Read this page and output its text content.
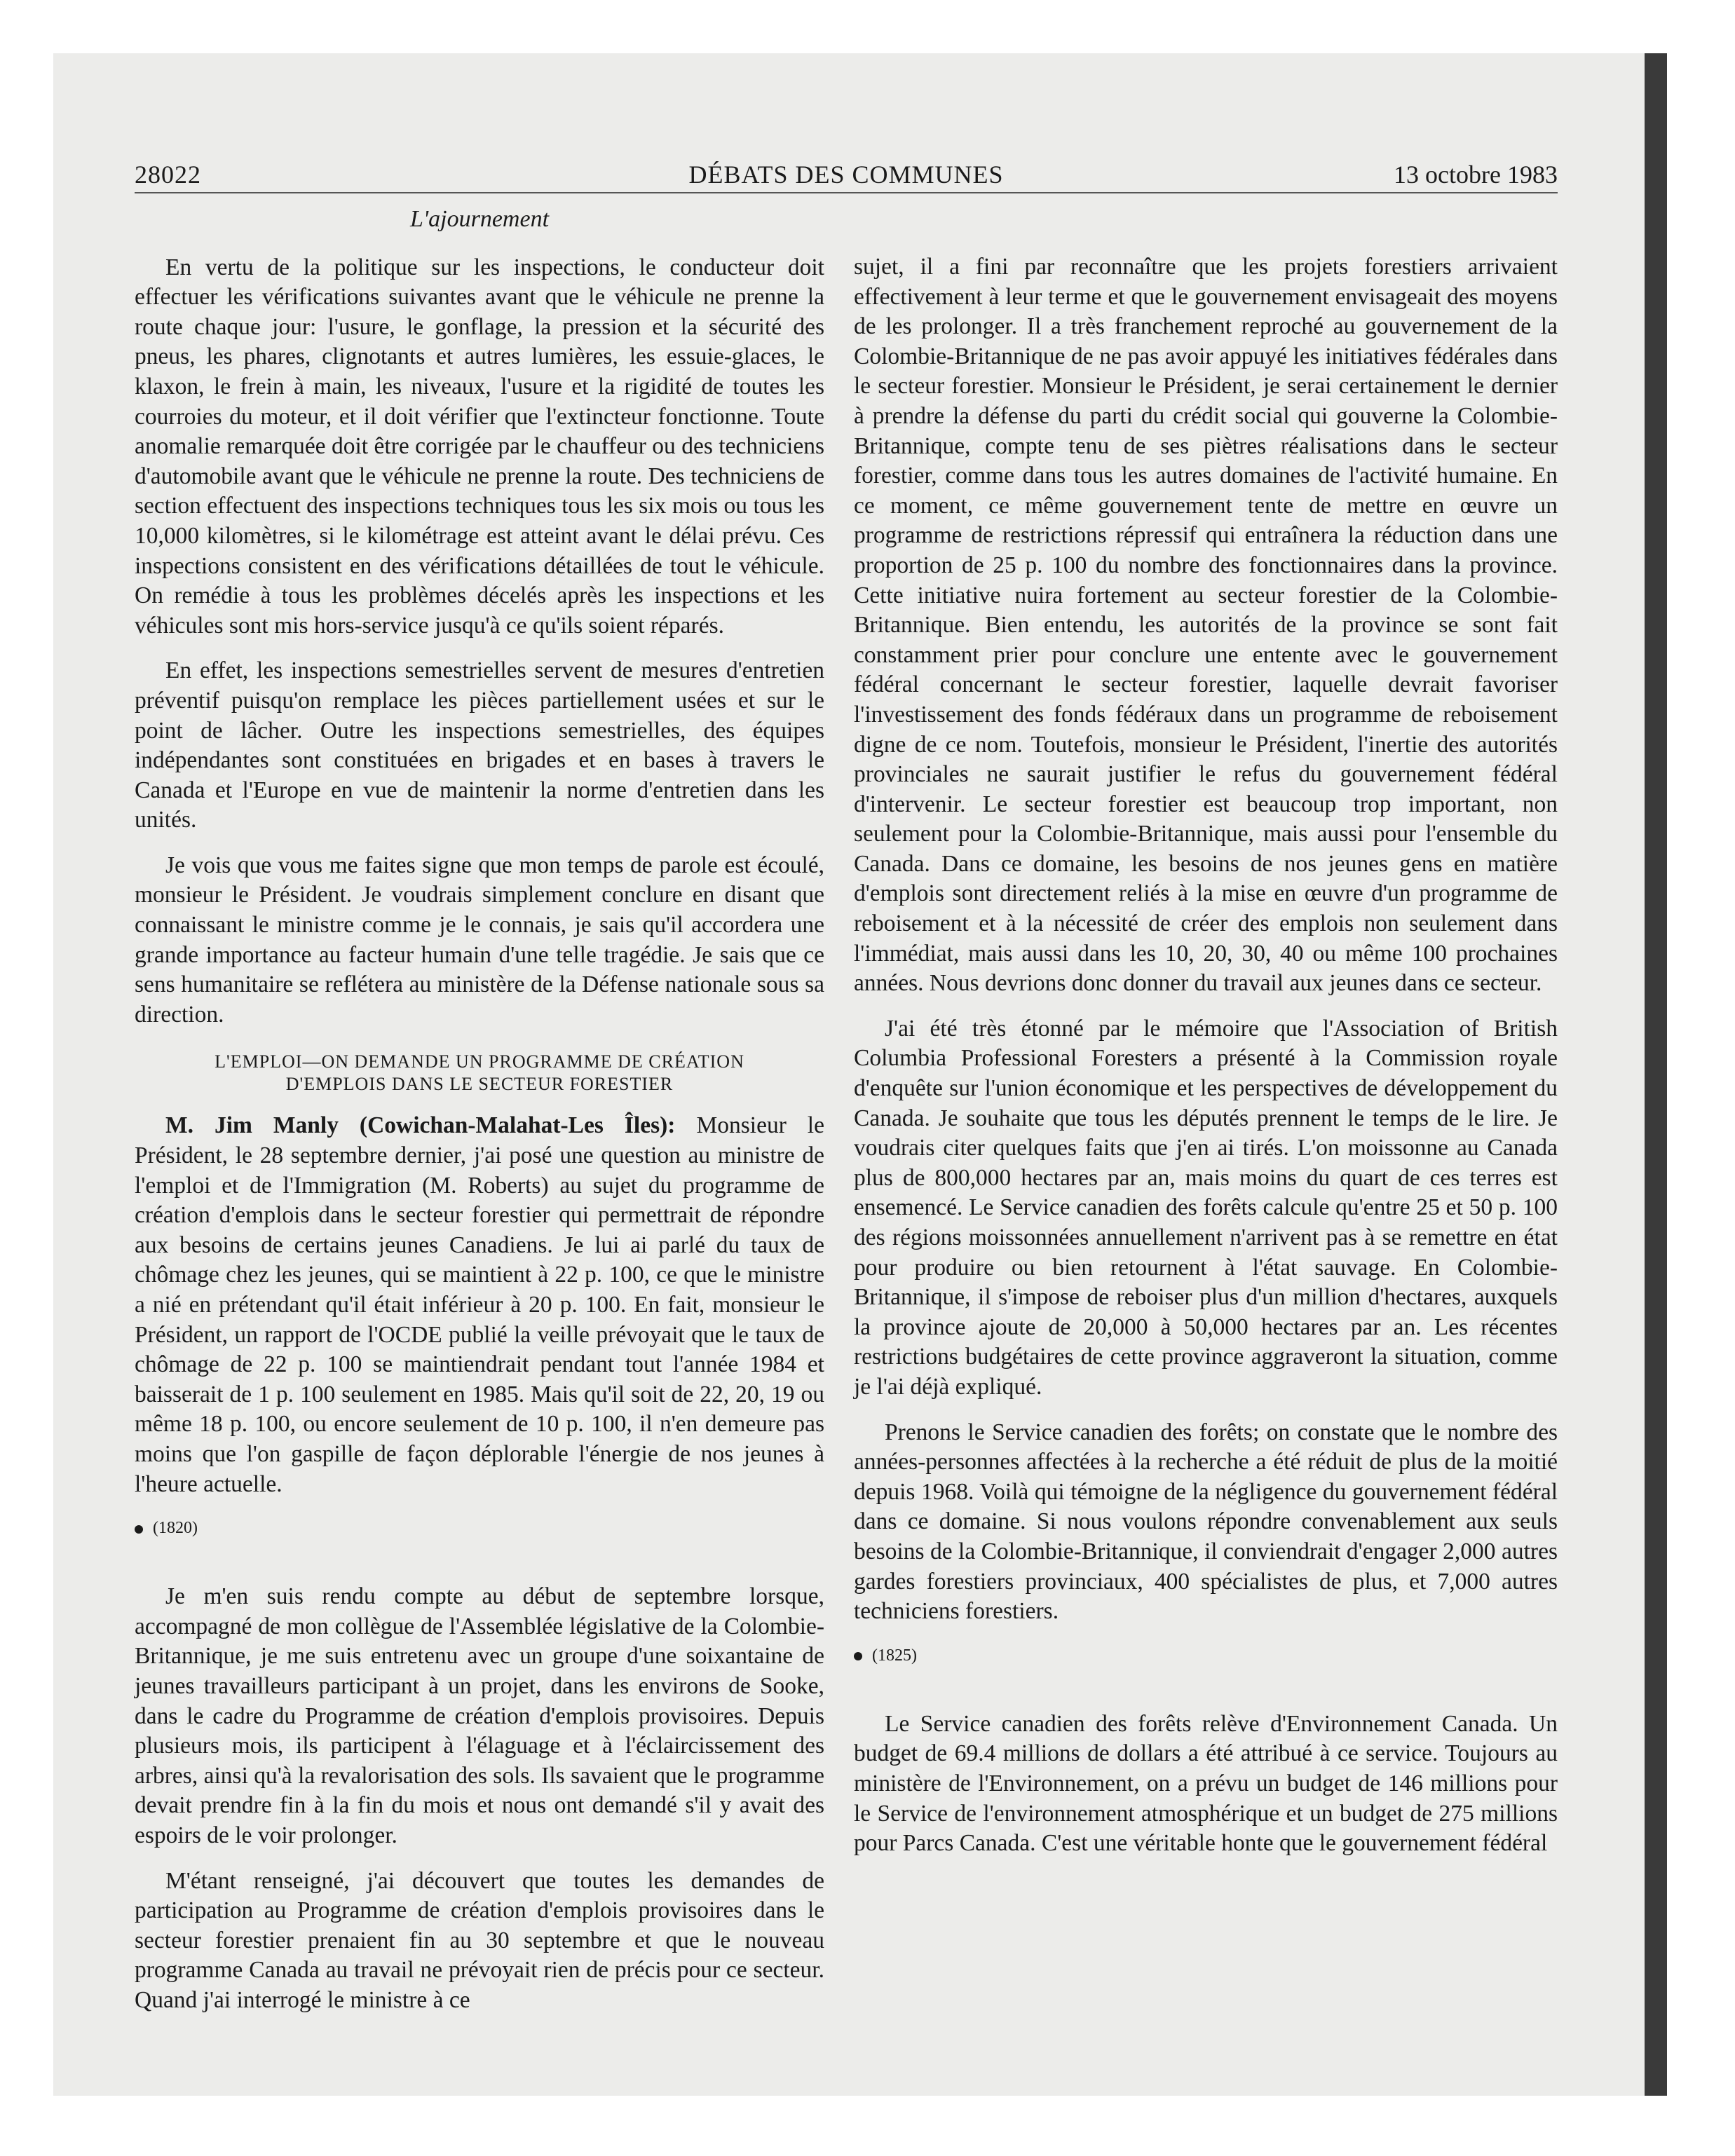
28022	DÉBATS DES COMMUNES	13 octobre 1983

L'ajournement

En vertu de la politique sur les inspections, le conducteur doit effectuer les vérifications suivantes avant que le véhicule ne prenne la route chaque jour: l'usure, le gonflage, la pression et la sécurité des pneus, les phares, clignotants et autres lumières, les essuie-glaces, le klaxon, le frein à main, les niveaux, l'usure et la rigidité de toutes les courroies du moteur, et il doit vérifier que l'extincteur fonctionne. Toute anomalie remarquée doit être corrigée par le chauffeur ou des techniciens d'automobile avant que le véhicule ne prenne la route. Des techniciens de section effectuent des inspections techniques tous les six mois ou tous les 10,000 kilomètres, si le kilométrage est atteint avant le délai prévu. Ces inspections consistent en des vérifications détaillées de tout le véhicule. On remédie à tous les problèmes décelés après les inspections et les véhicules sont mis hors-service jusqu'à ce qu'ils soient réparés.

En effet, les inspections semestrielles servent de mesures d'entretien préventif puisqu'on remplace les pièces partiellement usées et sur le point de lâcher. Outre les inspections semestrielles, des équipes indépendantes sont constituées en brigades et en bases à travers le Canada et l'Europe en vue de maintenir la norme d'entretien dans les unités.

Je vois que vous me faites signe que mon temps de parole est écoulé, monsieur le Président. Je voudrais simplement conclure en disant que connaissant le ministre comme je le connais, je sais qu'il accordera une grande importance au facteur humain d'une telle tragédie. Je sais que ce sens humanitaire se reflétera au ministère de la Défense nationale sous sa direction.

L'EMPLOI—ON DEMANDE UN PROGRAMME DE CRÉATION
D'EMPLOIS DANS LE SECTEUR FORESTIER

M. Jim Manly (Cowichan-Malahat-Les Îles): Monsieur le Président, le 28 septembre dernier, j'ai posé une question au ministre de l'emploi et de l'Immigration (M. Roberts) au sujet du programme de création d'emplois dans le secteur forestier qui permettrait de répondre aux besoins de certains jeunes Canadiens. Je lui ai parlé du taux de chômage chez les jeunes, qui se maintient à 22 p. 100, ce que le ministre a nié en prétendant qu'il était inférieur à 20 p. 100. En fait, monsieur le Président, un rapport de l'OCDE publié la veille prévoyait que le taux de chômage de 22 p. 100 se maintiendrait pendant tout l'année 1984 et baisserait de 1 p. 100 seulement en 1985. Mais qu'il soit de 22, 20, 19 ou même 18 p. 100, ou encore seulement de 10 p. 100, il n'en demeure pas moins que l'on gaspille de façon déplorable l'énergie de nos jeunes à l'heure actuelle.

(1820)

Je m'en suis rendu compte au début de septembre lorsque, accompagné de mon collègue de l'Assemblée législative de la Colombie-Britannique, je me suis entretenu avec un groupe d'une soixantaine de jeunes travailleurs participant à un projet, dans les environs de Sooke, dans le cadre du Programme de création d'emplois provisoires. Depuis plusieurs mois, ils participent à l'élaguage et à l'éclaircissement des arbres, ainsi qu'à la revalorisation des sols. Ils savaient que le programme devait prendre fin à la fin du mois et nous ont demandé s'il y avait des espoirs de le voir prolonger.

M'étant renseigné, j'ai découvert que toutes les demandes de participation au Programme de création d'emplois provisoires dans le secteur forestier prenaient fin au 30 septembre et que le nouveau programme Canada au travail ne prévoyait rien de précis pour ce secteur. Quand j'ai interrogé le ministre à ce

sujet, il a fini par reconnaître que les projets forestiers arrivaient effectivement à leur terme et que le gouvernement envisageait des moyens de les prolonger. Il a très franchement reproché au gouvernement de la Colombie-Britannique de ne pas avoir appuyé les initiatives fédérales dans le secteur forestier. Monsieur le Président, je serai certainement le dernier à prendre la défense du parti du crédit social qui gouverne la Colombie-Britannique, compte tenu de ses piètres réalisations dans le secteur forestier, comme dans tous les autres domaines de l'activité humaine. En ce moment, ce même gouvernement tente de mettre en œuvre un programme de restrictions répressif qui entraînera la réduction dans une proportion de 25 p. 100 du nombre des fonctionnaires dans la province. Cette initiative nuira fortement au secteur forestier de la Colombie-Britannique. Bien entendu, les autorités de la province se sont fait constamment prier pour conclure une entente avec le gouvernement fédéral concernant le secteur forestier, laquelle devrait favoriser l'investissement des fonds fédéraux dans un programme de reboisement digne de ce nom. Toutefois, monsieur le Président, l'inertie des autorités provinciales ne saurait justifier le refus du gouvernement fédéral d'intervenir. Le secteur forestier est beaucoup trop important, non seulement pour la Colombie-Britannique, mais aussi pour l'ensemble du Canada. Dans ce domaine, les besoins de nos jeunes gens en matière d'emplois sont directement reliés à la mise en œuvre d'un programme de reboisement et à la nécessité de créer des emplois non seulement dans l'immédiat, mais aussi dans les 10, 20, 30, 40 ou même 100 prochaines années. Nous devrions donc donner du travail aux jeunes dans ce secteur.

J'ai été très étonné par le mémoire que l'Association of British Columbia Professional Foresters a présenté à la Commission royale d'enquête sur l'union économique et les perspectives de développement du Canada. Je souhaite que tous les députés prennent le temps de le lire. Je voudrais citer quelques faits que j'en ai tirés. L'on moissonne au Canada plus de 800,000 hectares par an, mais moins du quart de ces terres est ensemencé. Le Service canadien des forêts calcule qu'entre 25 et 50 p. 100 des régions moissonnées annuellement n'arrivent pas à se remettre en état pour produire ou bien retournent à l'état sauvage. En Colombie-Britannique, il s'impose de reboiser plus d'un million d'hectares, auxquels la province ajoute de 20,000 à 50,000 hectares par an. Les récentes restrictions budgétaires de cette province aggraveront la situation, comme je l'ai déjà expliqué.

Prenons le Service canadien des forêts; on constate que le nombre des années-personnes affectées à la recherche a été réduit de plus de la moitié depuis 1968. Voilà qui témoigne de la négligence du gouvernement fédéral dans ce domaine. Si nous voulons répondre convenablement aux seuls besoins de la Colombie-Britannique, il conviendrait d'engager 2,000 autres gardes forestiers provinciaux, 400 spécialistes de plus, et 7,000 autres techniciens forestiers.

(1825)

Le Service canadien des forêts relève d'Environnement Canada. Un budget de 69.4 millions de dollars a été attribué à ce service. Toujours au ministère de l'Environnement, on a prévu un budget de 146 millions pour le Service de l'environnement atmosphérique et un budget de 275 millions pour Parcs Canada. C'est une véritable honte que le gouvernement fédéral
